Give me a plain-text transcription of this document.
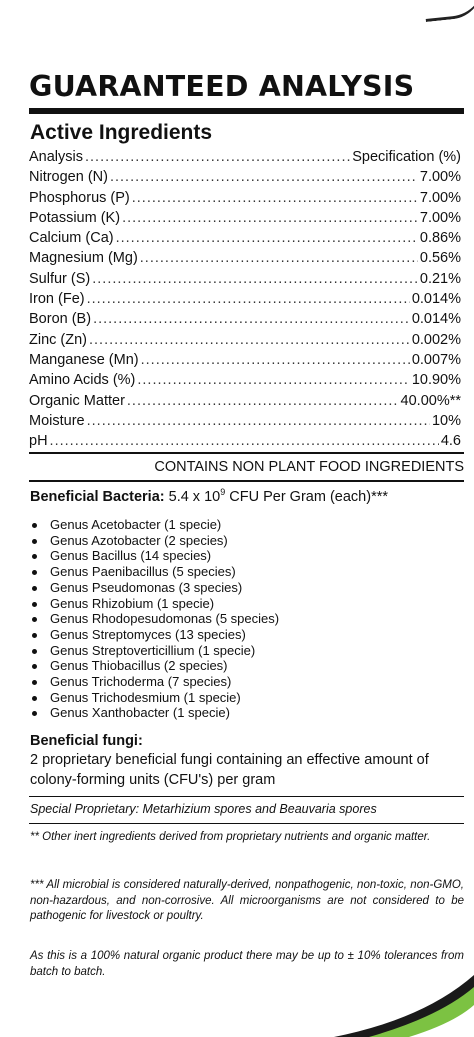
GUARANTEED ANALYSIS
Active Ingredients
Analysis .....	Specification (%)
Nitrogen (N) .....	7.00%
Phosphorus (P) .....	7.00%
Potassium (K) .....	7.00%
Calcium (Ca) .....	0.86%
Magnesium (Mg) .....	0.56%
Sulfur (S) .....	0.21%
Iron (Fe) .....	0.014%
Boron (B) .....	0.014%
Zinc (Zn) .....	0.002%
Manganese (Mn) .....	0.007%
Amino Acids (%) .....	10.90%
Organic Matter .....	40.00%**
Moisture .....	10%
pH .....	4.6
CONTAINS NON PLANT FOOD INGREDIENTS
Beneficial Bacteria: 5.4 x $10^9$ CFU Per Gram (each)***
Genus Acetobacter (1 specie)
Genus Azotobacter (2 species)
Genus Bacillus (14 species)
Genus Paenibacillus (5 species)
Genus Pseudomonas (3 species)
Genus Rhizobium (1 specie)
Genus Rhodopesudomonas (5 species)
Genus Streptomyces (13 species)
Genus Streptoverticillium (1 specie)
Genus Thiobacillus (2 species)
Genus Trichoderma (7 species)
Genus Trichodesmium (1 specie)
Genus Xanthobacter (1 specie)
Beneficial fungi:
2 proprietary beneficial fungi containing an effective amount of colony-forming units (CFU's) per gram
Special Proprietary: Metarhizium spores and Beauvaria spores
** Other inert ingredients derived from proprietary nutrients and organic matter.
*** All microbial is considered naturally-derived, nonpathogenic, non-toxic, non-GMO, non-hazardous, and non-corrosive. All microorganisms are not considered to be pathogenic for livestock or poultry.
As this is a 100% natural organic product there may be up to ± 10% tolerances from batch to batch.
